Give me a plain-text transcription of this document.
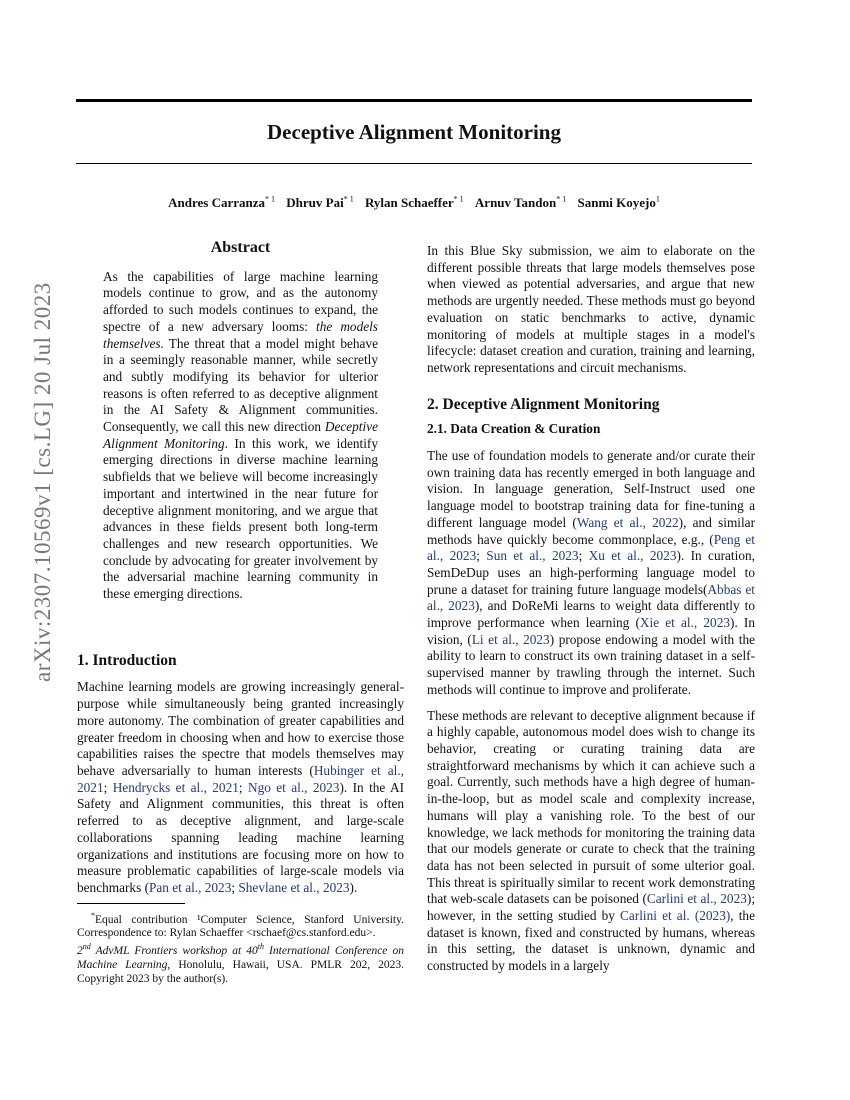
Deceptive Alignment Monitoring
Andres Carranza$^{* 1}$ Dhruv Pai$^{* 1}$ Rylan Schaeffer$^{* 1}$ Arnuv Tandon$^{* 1}$ Sanmi Koyejo$^1$
arXiv:2307.10569v1 [cs.LG] 20 Jul 2023
Abstract

As the capabilities of large machine learning models continue to grow, and as the autonomy afforded to such models continues to expand, the spectre of a new adversary looms: the models themselves. The threat that a model might behave in a seemingly reasonable manner, while secretly and subtly modifying its behavior for ulterior reasons is often referred to as deceptive alignment in the AI Safety & Alignment communities. Consequently, we call this new direction Deceptive Alignment Monitoring. In this work, we identify emerging directions in diverse machine learning subfields that we believe will become increasingly important and intertwined in the near future for deceptive alignment monitoring, and we argue that advances in these fields present both long-term challenges and new research opportunities. We conclude by advocating for greater involvement by the adversarial machine learning community in these emerging directions.

1. Introduction

Machine learning models are growing increasingly general-purpose while simultaneously being granted increasingly more autonomy. The combination of greater capabilities and greater freedom in choosing when and how to exercise those capabilities raises the spectre that models themselves may behave adversarially to human interests (Hubinger et al., 2021; Hendrycks et al., 2021; Ngo et al., 2023). In the AI Safety and Alignment communities, this threat is often referred to as deceptive alignment, and large-scale collaborations spanning leading machine learning organizations and institutions are focusing more on how to measure problematic capabilities of large-scale models via benchmarks (Pan et al., 2023; Shevlane et al., 2023).

*Equal contribution ¹Computer Science, Stanford University. Correspondence to: Rylan Schaeffer <rschaef@cs.stanford.edu>.

2nd AdvML Frontiers workshop at 40th International Conference on Machine Learning, Honolulu, Hawaii, USA. PMLR 202, 2023. Copyright 2023 by the author(s).

In this Blue Sky submission, we aim to elaborate on the different possible threats that large models themselves pose when viewed as potential adversaries, and argue that new methods are urgently needed. These methods must go beyond evaluation on static benchmarks to active, dynamic monitoring of models at multiple stages in a model's lifecycle: dataset creation and curation, training and learning, network representations and circuit mechanisms.

2. Deceptive Alignment Monitoring
2.1. Data Creation & Curation

The use of foundation models to generate and/or curate their own training data has recently emerged in both language and vision. In language generation, Self-Instruct used one language model to bootstrap training data for fine-tuning a different language model (Wang et al., 2022), and similar methods have quickly become commonplace, e.g., (Peng et al., 2023; Sun et al., 2023; Xu et al., 2023). In curation, SemDeDup uses an high-performing language model to prune a dataset for training future language models(Abbas et al., 2023), and DoReMi learns to weight data differently to improve performance when learning (Xie et al., 2023). In vision, (Li et al., 2023) propose endowing a model with the ability to learn to construct its own training dataset in a self-supervised manner by trawling through the internet. Such methods will continue to improve and proliferate.

These methods are relevant to deceptive alignment because if a highly capable, autonomous model does wish to change its behavior, creating or curating training data are straightforward mechanisms by which it can achieve such a goal. Currently, such methods have a high degree of human-in-the-loop, but as model scale and complexity increase, humans will play a vanishing role. To the best of our knowledge, we lack methods for monitoring the training data that our models generate or curate to check that the training data has not been selected in pursuit of some ulterior goal. This threat is spiritually similar to recent work demonstrating that web-scale datasets can be poisoned (Carlini et al., 2023); however, in the setting studied by Carlini et al. (2023), the dataset is known, fixed and constructed by humans, whereas in this setting, the dataset is unknown, dynamic and constructed by models in a largely
